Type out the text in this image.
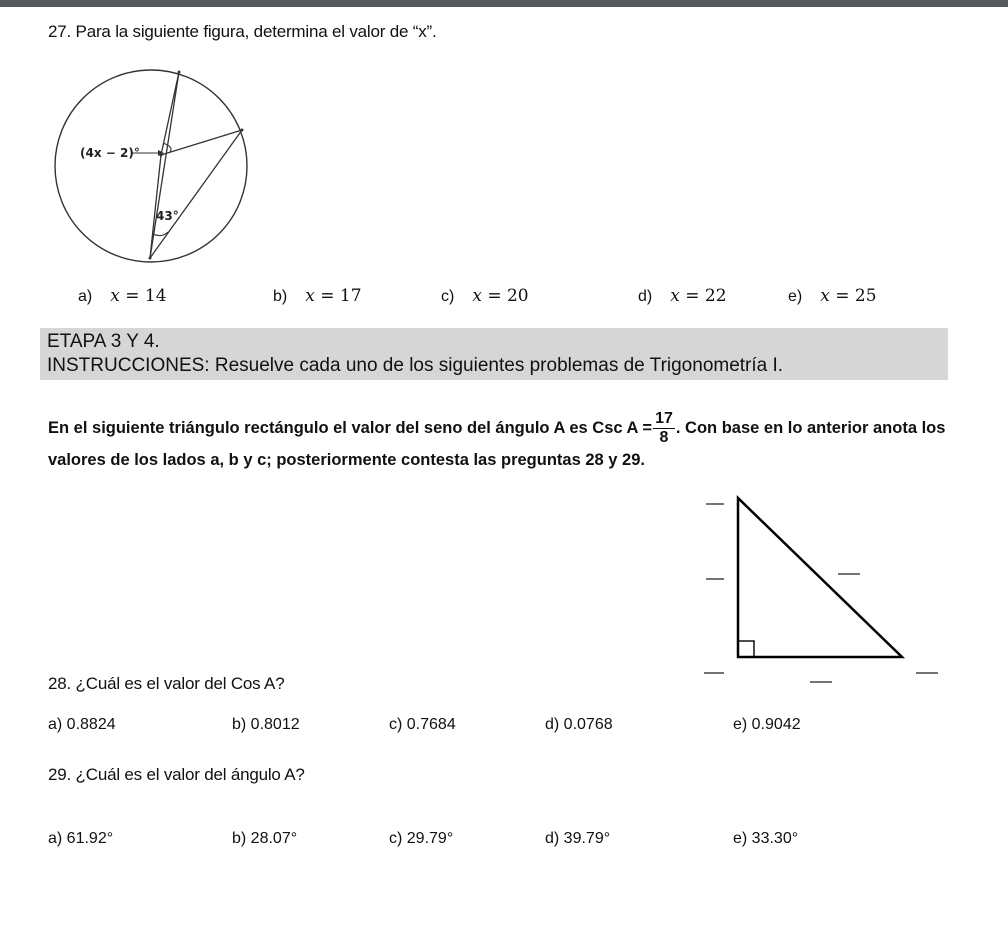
27. Para la siguiente figura, determina el valor de “x”.
(4x − 2)°
43°
a) x = 14	b) x = 17	c) x = 20	d) x = 22	e) x = 25
ETAPA 3 Y 4.
INSTRUCCIONES: Resuelve cada uno de los siguientes problemas de Trigonometría I.
En el siguiente triángulo rectángulo el valor del seno del ángulo A es Csc $A = \frac{17}{8}$ . Con base en lo anterior anota los
valores de los lados a, b y c; posteriormente contesta las preguntas 28 y 29.
28. ¿Cuál es el valor del Cos A?
a) 0.8824	b) 0.8012	c) 0.7684	d) 0.0768	e) 0.9042
29. ¿Cuál es el valor del ángulo A?
a) 61.92°	b) 28.07°	c) 29.79°	d) 39.79°	e) 33.30°
